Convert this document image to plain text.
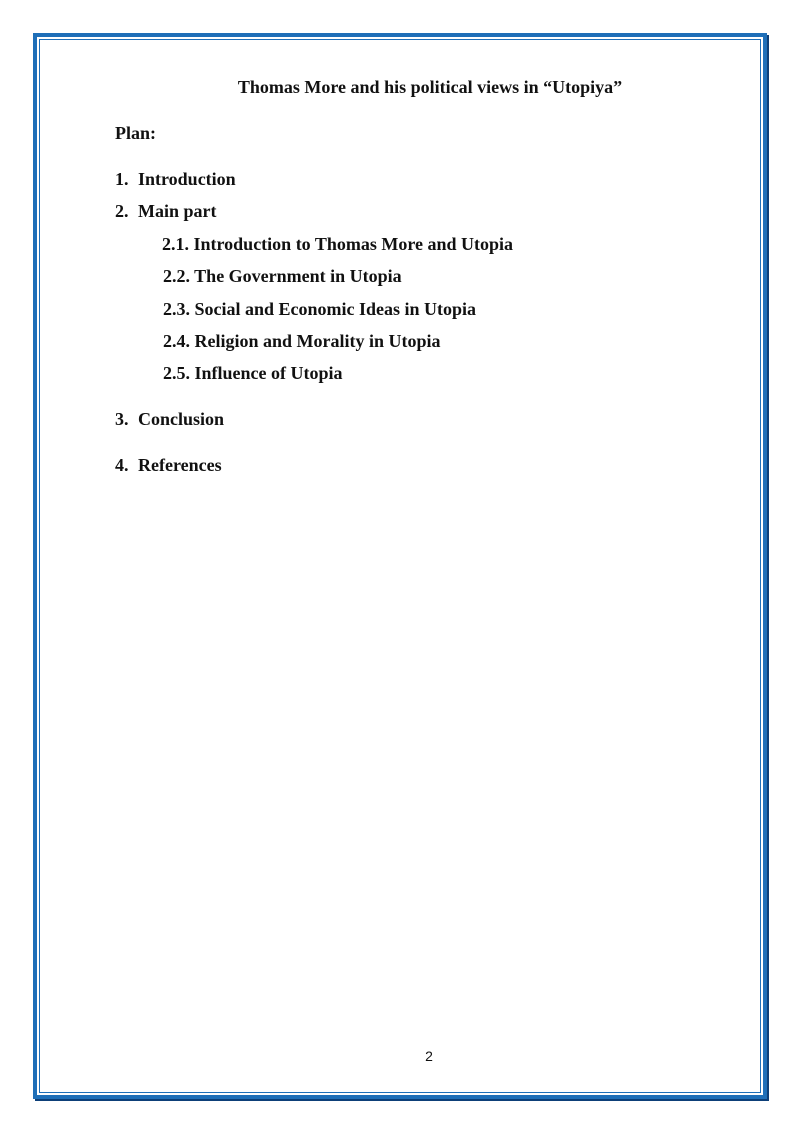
Thomas More and his political views in “Utopiya”
Plan:
1. Introduction
2. Main part
2.1. Introduction to Thomas More and Utopia
2.2. The Government in Utopia
2.3. Social and Economic Ideas in Utopia
2.4. Religion and Morality in Utopia
2.5. Influence of Utopia
3. Conclusion
4. References
2
